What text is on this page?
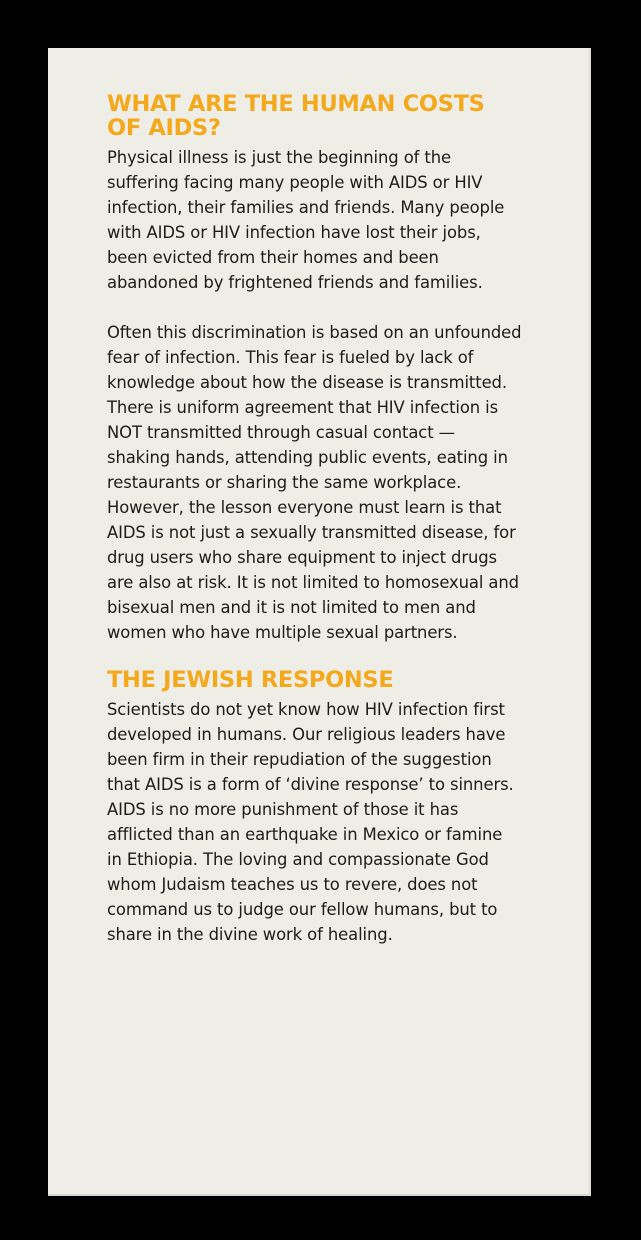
WHAT ARE THE HUMAN COSTS OF AIDS?

Physical illness is just the beginning of the suffering facing many people with AIDS or HIV infection, their families and friends. Many people with AIDS or HIV infection have lost their jobs, been evicted from their homes and been abandoned by frightened friends and families.

Often this discrimination is based on an unfounded fear of infection. This fear is fueled by lack of knowledge about how the disease is transmitted. There is uniform agreement that HIV infection is NOT transmitted through casual contact — shaking hands, attending public events, eating in restaurants or sharing the same workplace. However, the lesson everyone must learn is that AIDS is not just a sexually transmitted disease, for drug users who share equipment to inject drugs are also at risk. It is not limited to homosexual and bisexual men and it is not limited to men and women who have multiple sexual partners.

THE JEWISH RESPONSE

Scientists do not yet know how HIV infection first developed in humans. Our religious leaders have been firm in their repudiation of the suggestion that AIDS is a form of ‘divine response’ to sinners. AIDS is no more punishment of those it has afflicted than an earthquake in Mexico or famine in Ethiopia. The loving and compassionate God whom Judaism teaches us to revere, does not command us to judge our fellow humans, but to share in the divine work of healing.
